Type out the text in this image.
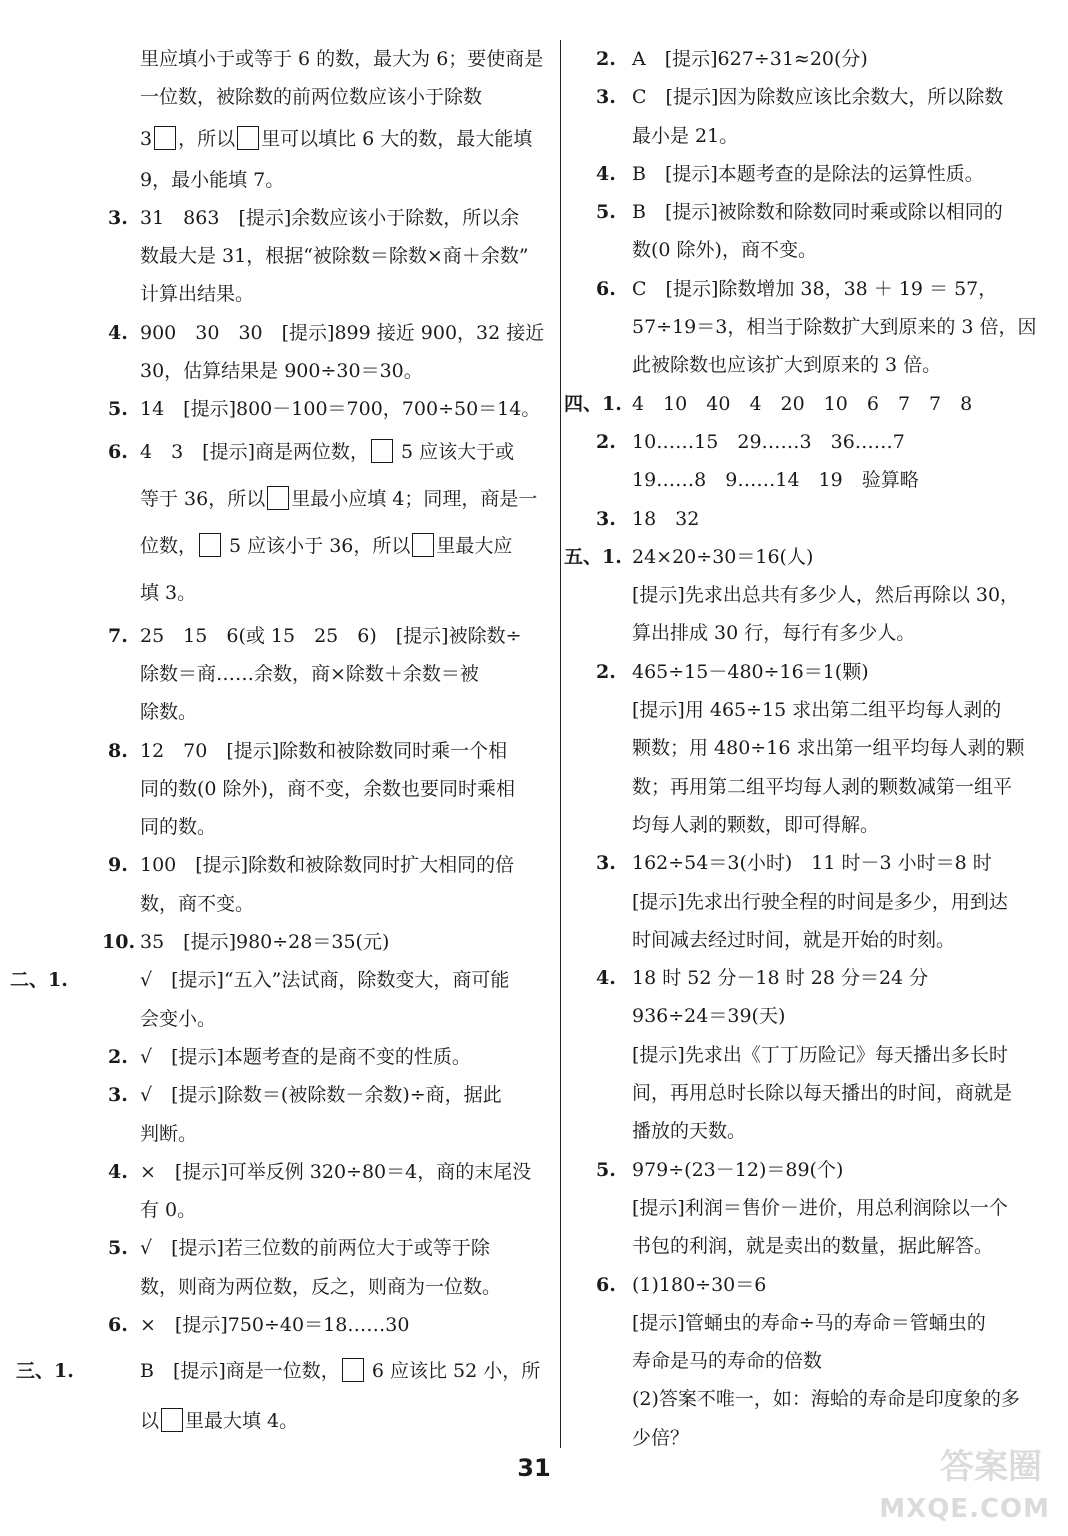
里应填小于或等于 6 的数，最大为 6；要使商是
一位数，被除数的前两位数应该小于除数
3 ，所以 里可以填比 6 大的数，最大能填
9，最小能填 7。
3. 31　863　[提示]余数应该小于除数，所以余
数最大是 31，根据“被除数＝除数×商＋余数”
计算出结果。
4. 900　30　30　[提示]899 接近 900，32 接近
30，估算结果是 900÷30＝30。
5. 14　[提示]800－100＝700，700÷50＝14。
6. 4　3　[提示]商是两位数， 5 应该大于或
等于 36，所以 里最小应填 4；同理，商是一
位数， 5 应该小于 36，所以 里最大应
填 3。
7. 25　15　6(或 15　25　6)　[提示]被除数÷
除数＝商……余数，商×除数＋余数＝被
除数。
8. 12　70　[提示]除数和被除数同时乘一个相
同的数(0 除外)，商不变，余数也要同时乘相
同的数。
9. 100　[提示]除数和被除数同时扩大相同的倍
数，商不变。
10. 35　[提示]980÷28＝35(元)
二、1.	√　[提示]“五入”法试商，除数变大，商可能
会变小。
2. √　[提示]本题考查的是商不变的性质。
3. √　[提示]除数＝(被除数－余数)÷商，据此
判断。
4. ×　[提示]可举反例 320÷80＝4，商的末尾没
有 0。
5. √　[提示]若三位数的前两位大于或等于除
数，则商为两位数，反之，则商为一位数。
6. ×　[提示]750÷40＝18……30
三、1.	B　[提示]商是一位数， 6 应该比 52 小，所
以 里最大填 4。
2. A　[提示]627÷31≈20(分)
3. C　[提示]因为除数应该比余数大，所以除数
最小是 21。
4. B　[提示]本题考查的是除法的运算性质。
5. B　[提示]被除数和除数同时乘或除以相同的
数(0 除外)，商不变。
6. C　[提示]除数增加 38，38 ＋ 19 ＝ 57，
57÷19＝3，相当于除数扩大到原来的 3 倍，因
此被除数也应该扩大到原来的 3 倍。
四、1. 4　10　40　4　20　10　6　7　7　8
2. 10……15　29……3　36……7
19……8　9……14　19　验算略
3. 18　32
五、1. 24×20÷30＝16(人)
[提示]先求出总共有多少人，然后再除以 30，
算出排成 30 行，每行有多少人。
2. 465÷15－480÷16＝1(颗)
[提示]用 465÷15 求出第二组平均每人剥的
颗数；用 480÷16 求出第一组平均每人剥的颗
数；再用第二组平均每人剥的颗数减第一组平
均每人剥的颗数，即可得解。
3. 162÷54＝3(小时)　11 时－3 小时＝8 时
[提示]先求出行驶全程的时间是多少，用到达
时间减去经过时间，就是开始的时刻。
4. 18 时 52 分－18 时 28 分＝24 分
936÷24＝39(天)
[提示]先求出《丁丁历险记》每天播出多长时
间，再用总时长除以每天播出的时间，商就是
播放的天数。
5. 979÷(23－12)＝89(个)
[提示]利润＝售价－进价，用总利润除以一个
书包的利润，就是卖出的数量，据此解答。
6. (1)180÷30＝6
[提示]管蛹虫的寿命÷马的寿命＝管蛹虫的
寿命是马的寿命的倍数
(2)答案不唯一，如：海蛤的寿命是印度象的多
少倍？
31	答案圈
MXQE.COM
